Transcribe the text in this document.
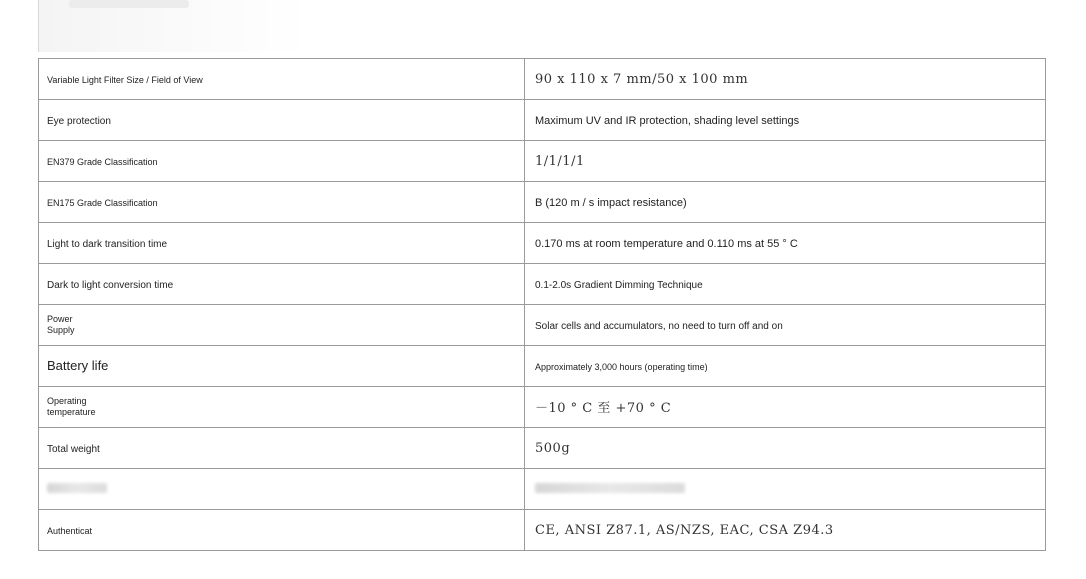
Variable Light Filter Size / Field of View	90 x 110 x 7 mm/50 x 100 mm
Eye protection	Maximum UV and IR protection, shading level settings
EN379 Grade Classification	1/1/1/1
EN175 Grade Classification	B (120 m / s impact resistance)
Light to dark transition time	0.170 ms at room temperature and 0.110 ms at 55 ° C
Dark to light conversion time	0.1-2.0s Gradient Dimming Technique

Power
Supply	Solar cells and accumulators, no need to turn off and on
Battery life	Approximately 3,000 hours (operating time)

Operating
temperature	－10 ° C 至 +70 ° C
Total weight	500g

Authenticat	CE, ANSI Z87.1, AS/NZS, EAC, CSA Z94.3
